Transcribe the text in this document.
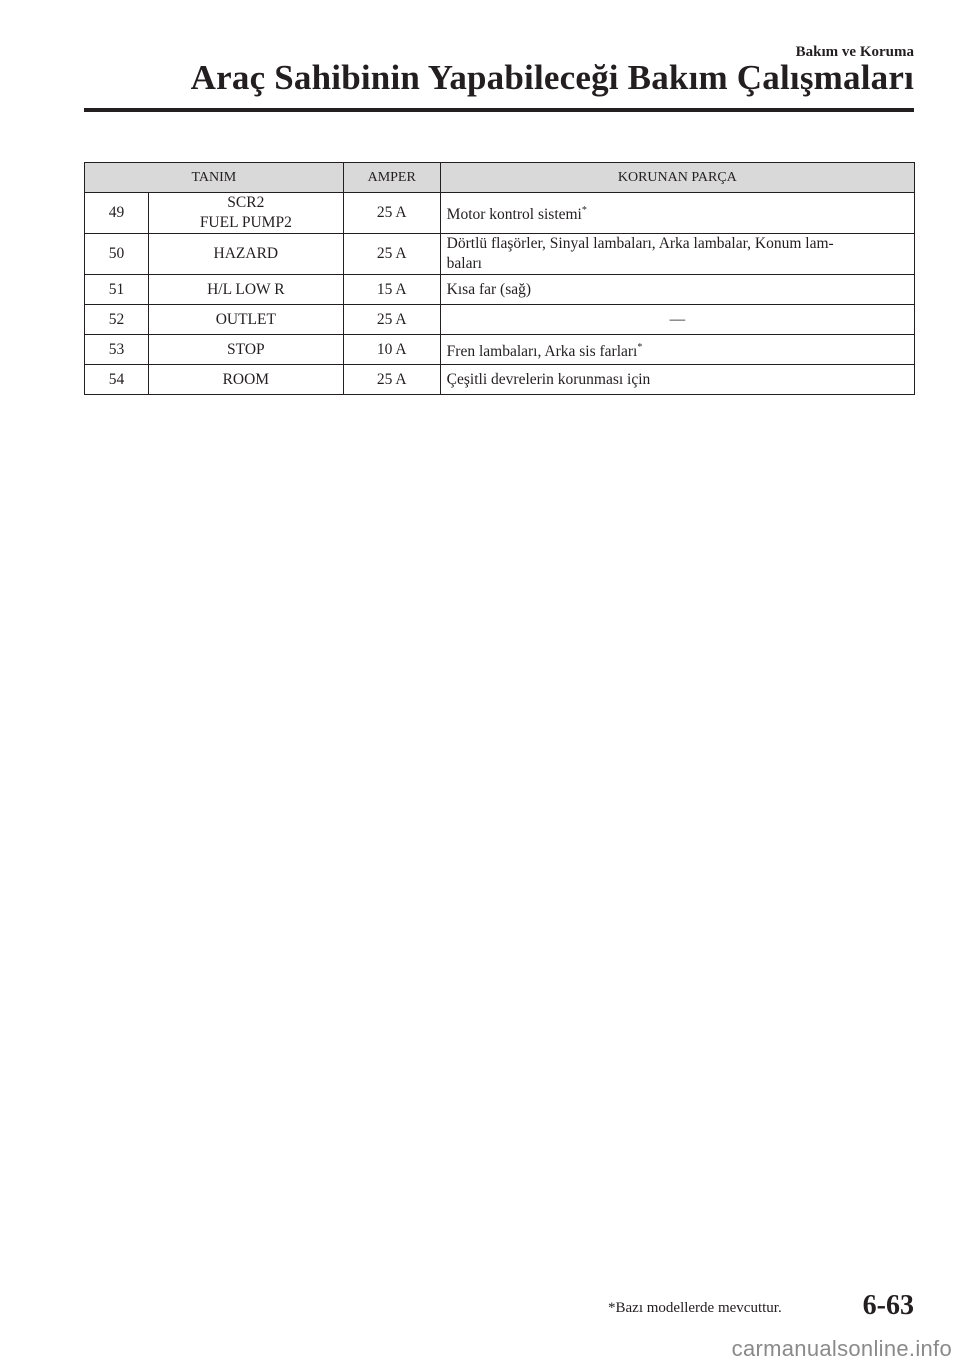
Bakım ve Koruma
Araç Sahibinin Yapabileceği Bakım Çalışmaları
TANIM		AMPER	KORUNAN PARÇA
49	SCR2
FUEL PUMP2	25 A	Motor kontrol sistemi*
50	HAZARD	25 A	Dörtlü flaşörler, Sinyal lambaları, Arka lambalar, Konum lam-
baları

51	H/L LOW R	15 A	Kısa far (sağ)
52	OUTLET	25 A	—
53	STOP	10 A	Fren lambaları, Arka sis farları*
54	ROOM	25 A	Çeşitli devrelerin korunması için
*Bazı modellerde mevcuttur.	6-63
carmanualsonline.info
